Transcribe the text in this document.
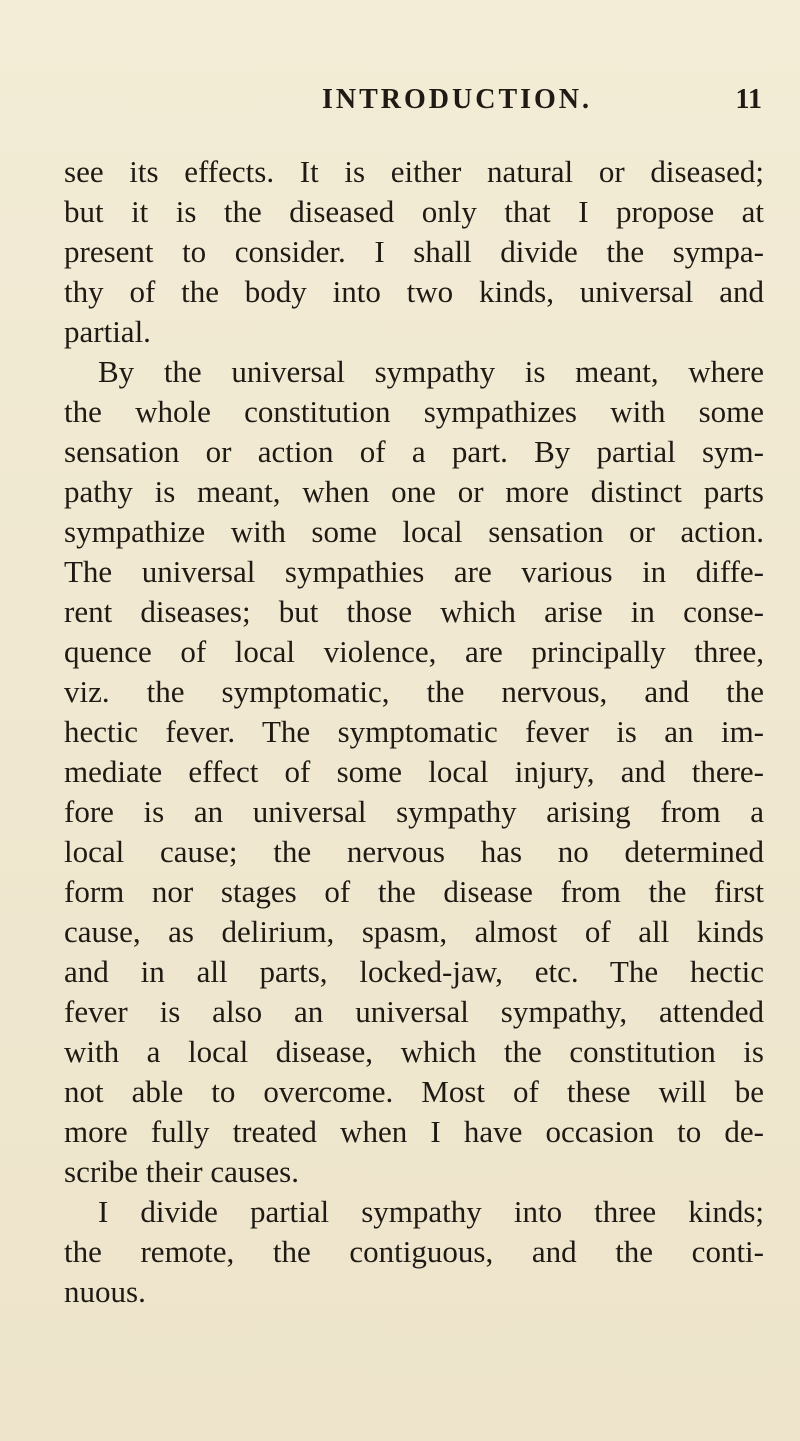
INTRODUCTION.	11
see its effects. It is either natural or diseased;
but it is the diseased only that I propose at
present to consider. I shall divide the sympa-
thy of the body into two kinds, universal and
partial.
By the universal sympathy is meant, where
the whole constitution sympathizes with some
sensation or action of a part. By partial sym-
pathy is meant, when one or more distinct parts
sympathize with some local sensation or action.
The universal sympathies are various in diffe-
rent diseases; but those which arise in conse-
quence of local violence, are principally three,
viz. the symptomatic, the nervous, and the
hectic fever. The symptomatic fever is an im-
mediate effect of some local injury, and there-
fore is an universal sympathy arising from a
local cause; the nervous has no determined
form nor stages of the disease from the first
cause, as delirium, spasm, almost of all kinds
and in all parts, locked-jaw, etc. The hectic
fever is also an universal sympathy, attended
with a local disease, which the constitution is
not able to overcome. Most of these will be
more fully treated when I have occasion to de-
scribe their causes.
I divide partial sympathy into three kinds;
the remote, the contiguous, and the conti-
nuous.
